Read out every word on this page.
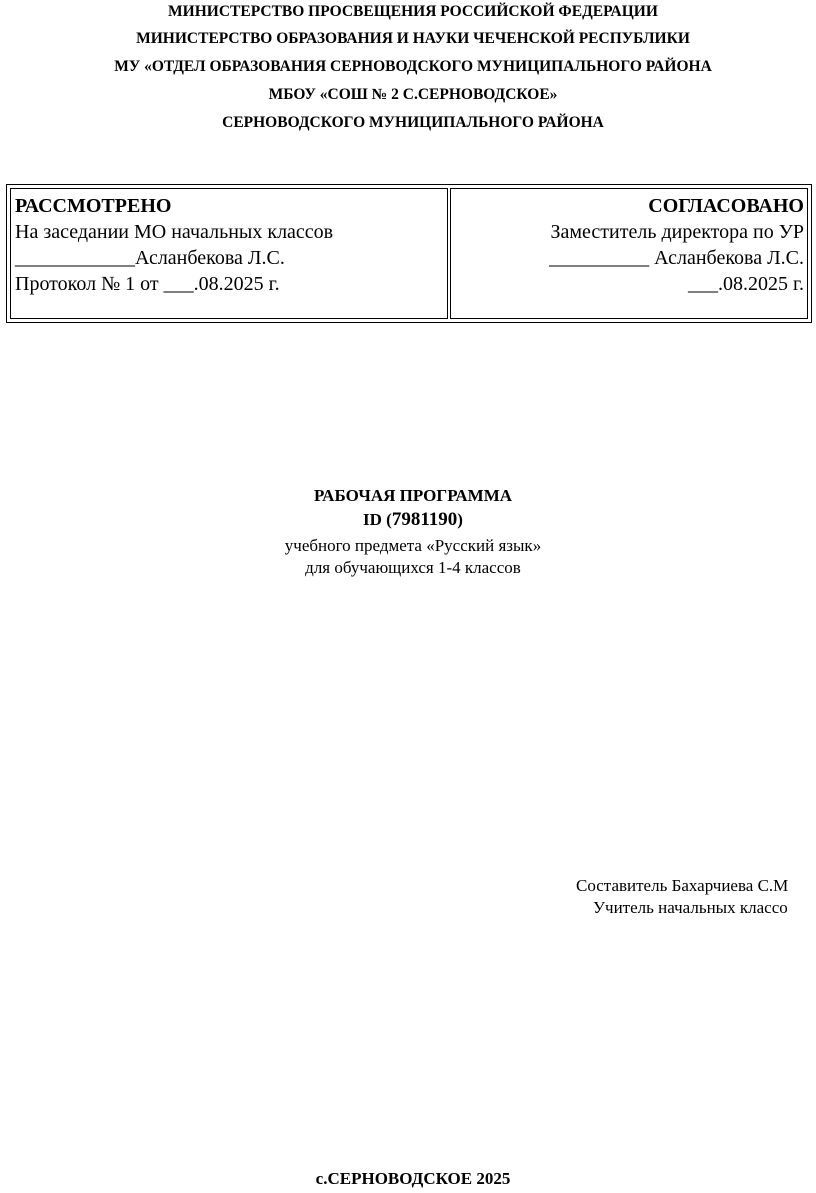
МИНИСТЕРСТВО ПРОСВЕЩЕНИЯ РОССИЙСКОЙ ФЕДЕРАЦИИ
МИНИСТЕРСТВО ОБРАЗОВАНИЯ И НАУКИ ЧЕЧЕНСКОЙ РЕСПУБЛИКИ
МУ «ОТДЕЛ ОБРАЗОВАНИЯ СЕРНОВОДСКОГО МУНИЦИПАЛЬНОГО РАЙОНА
МБОУ «СОШ № 2 С.СЕРНОВОДСКОЕ»
СЕРНОВОДСКОГО МУНИЦИПАЛЬНОГО РАЙОНА
РАССМОТРЕНО
На заседании МО начальных классов
____________Асланбекова Л.С.
Протокол № 1 от ___.08.2025 г.
СОГЛАСОВАНО
Заместитель директора по УР
__________ Асланбекова Л.С.
___.08.2025 г.
РАБОЧАЯ ПРОГРАММА
ID (7981190)
учебного предмета «Русский язык»
для обучающихся 1-4 классов
Составитель Бахарчиева С.М
Учитель начальных классо
с.СЕРНОВОДСКОЕ 2025
